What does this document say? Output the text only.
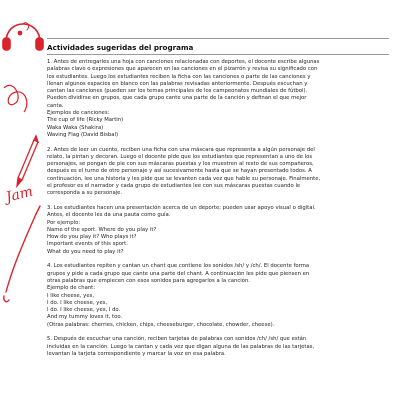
Jam
Actividades sugeridas del programa
1. Antes de entregarles una hoja con canciones relacionadas con deportes, el docente escribe algunas
palabras clave o expresiones que aparecen en las canciones en el pizarrón y revisa su significado con
los estudiantes. Luego los estudiantes reciben la ficha con las canciones o parte de las canciones y
llenan algunos espacios en blanco con las palabras revisadas anteriormente. Después escuchan y
cantan las canciones (pueden ser los temas principales de los campeonatos mundiales de fútbol).
Pueden dividirse en grupos, que cada grupo cante una parte de la canción y definan el que mejor
canta.
Ejemplos de canciones:
The cup of life (Ricky Martin)
Waka Waka (Shakira)
Waving Flag (David Bisbal)
2. Antes de leer un cuento, reciben una ficha con una máscara que representa a algún personaje del
relato, la pintan y decoran. Luego el docente pide que los estudiantes que representan a uno de los
personajes, se pongan de pie con sus máscaras puestas y los muestren al resto de sus compañeros,
después es el turno de otro personaje y así sucesivamente hasta que se hayan presentado todos. A
continuación, lee una historia y les pide que se levanten cada vez que hable su personaje. Finalmente,
el profesor es el narrador y cada grupo de estudiantes lee con sus máscaras puestas cuando le
corresponda a su personaje.
3. Los estudiantes hacen una presentación acerca de un deporte; pueden usar apoyo visual o digital.
Antes, el docente les da una pauta como guía.
Por ejemplo:
Name of the sport. Where do you play it?
How do you play it? Who plays it?
Important events of this sport.
What do you need to play it?
4. Los estudiantes repiten y cantan un chant que contiene los sonidos /sh/ y /ch/. El docente forma
grupos y pide a cada grupo que cante una parte del chant. A continuación les pide que piensen en
otras palabras que empiecen con esos sonidos para agregarlos a la canción.
Ejemplo de chant:
I like cheese, yes,
I do. I like cheese, yes,
I do. I like cheese, yes, I do.
And my tummy loves it, too.
(Otras palabras: cherries, chicken, chips, cheeseburger, chocolate, chowder, cheese).
5. Después de escuchar una canción, reciben tarjetas de palabras con sonidos /ch/ /sh/ que están
incluidas en la canción. Luego la cantan y cada vez que digan alguna de las palabras de las tarjetas,
levantan la tarjeta correspondiente y marcar la voz en esa palabra.
